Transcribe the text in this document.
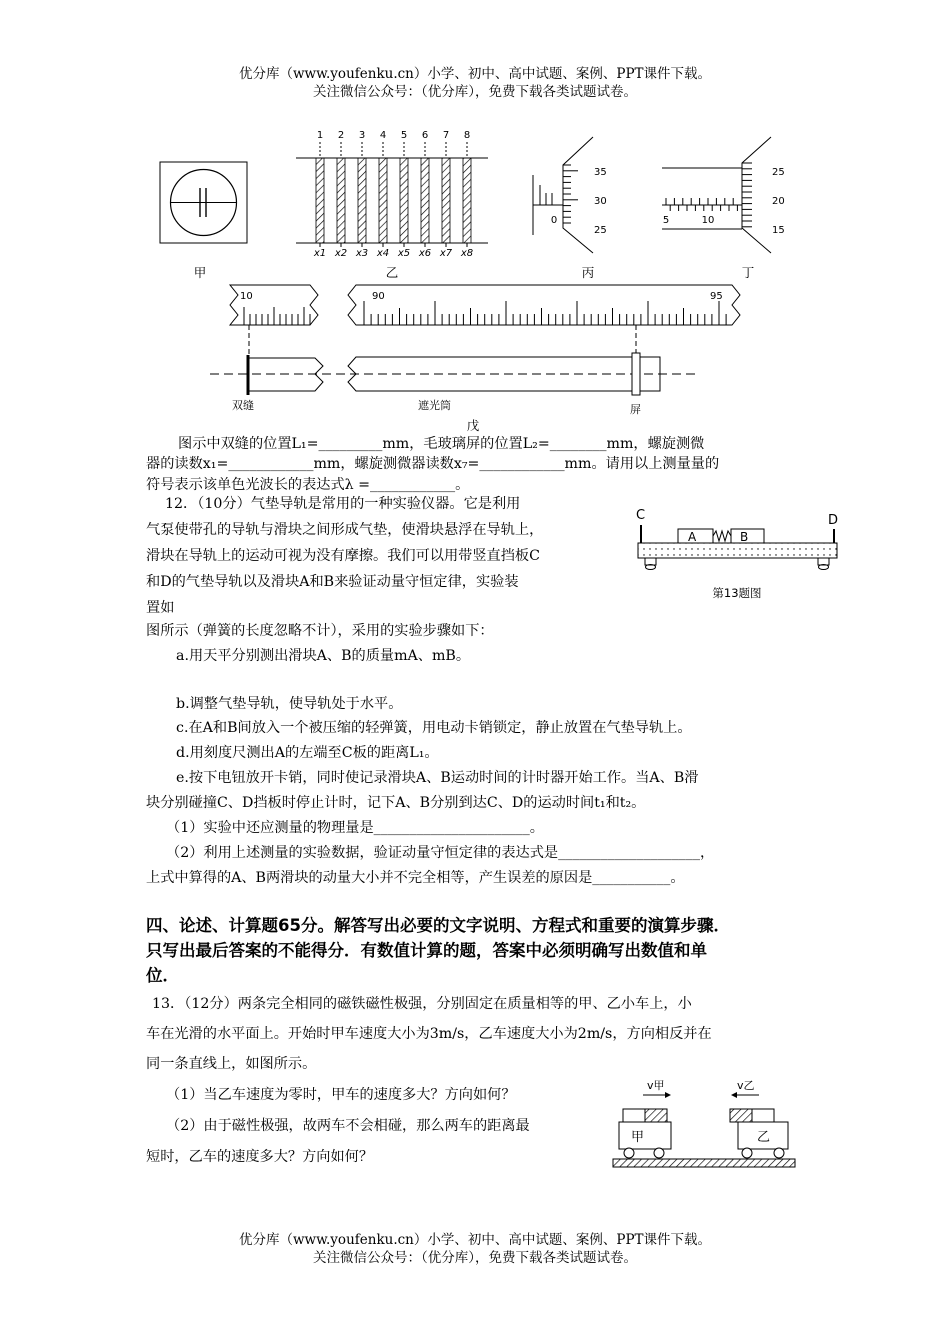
优分库（www.youfenku.cn）小学、初中、高中试题、案例、PPT课件下载。
关注微信公众号：（优分库），免费下载各类试题试卷。
1 2 3 4 5 6 7 8
x1 x2 x3 x4 x5 x6 x7 x8
0
35
30
25
5	10
25
20
15
甲	乙	丙	丁
10	90	95
双缝	遮光筒	屏
戊
图示中双缝的位置L₁=_________mm，毛玻璃屏的位置L₂=________mm，螺旋测微
器的读数x₁=____________mm，螺旋测微器读数x₇=____________mm。请用以上测量量的
符号表示该单色光波长的表达式λ =____________。
12．（10分）气垫导轨是常用的一种实验仪器。它是利用
气泵使带孔的导轨与滑块之间形成气垫，使滑块悬浮在导轨上，
滑块在导轨上的运动可视为没有摩擦。我们可以用带竖直挡板C
和D的气垫导轨以及滑块A和B来验证动量守恒定律，实验装
置如
C	D
A	B
第13题图
图所示（弹簧的长度忽略不计），采用的实验步骤如下：
a.用天平分别测出滑块A、B的质量mA、mB。
b.调整气垫导轨，使导轨处于水平。
c.在A和B间放入一个被压缩的轻弹簧，用电动卡销锁定，静止放置在气垫导轨上。
d.用刻度尺测出A的左端至C板的距离L₁。
e.按下电钮放开卡销，同时使记录滑块A、B运动时间的计时器开始工作。当A、B滑
块分别碰撞C、D挡板时停止计时，记下A、B分别到达C、D的运动时间t₁和t₂。
（1）实验中还应测量的物理量是______________________。
（2）利用上述测量的实验数据，验证动量守恒定律的表达式是____________________，
上式中算得的A、B两滑块的动量大小并不完全相等，产生误差的原因是___________。
四、论述、计算题65分。解答写出必要的文字说明、方程式和重要的演算步骤．
只写出最后答案的不能得分．有数值计算的题，答案中必须明确写出数值和单
位．
13．（12分）两条完全相同的磁铁磁性极强，分别固定在质量相等的甲、乙小车上，小
车在光滑的水平面上。开始时甲车速度大小为3m/s，乙车速度大小为2m/s，方向相反并在
同一条直线上，如图所示。
（1）当乙车速度为零时，甲车的速度多大？方向如何？
（2）由于磁性极强，故两车不会相碰，那么两车的距离最
短时，乙车的速度多大？方向如何？
v甲	v乙
甲	乙
优分库（www.youfenku.cn）小学、初中、高中试题、案例、PPT课件下载。
关注微信公众号：（优分库），免费下载各类试题试卷。
